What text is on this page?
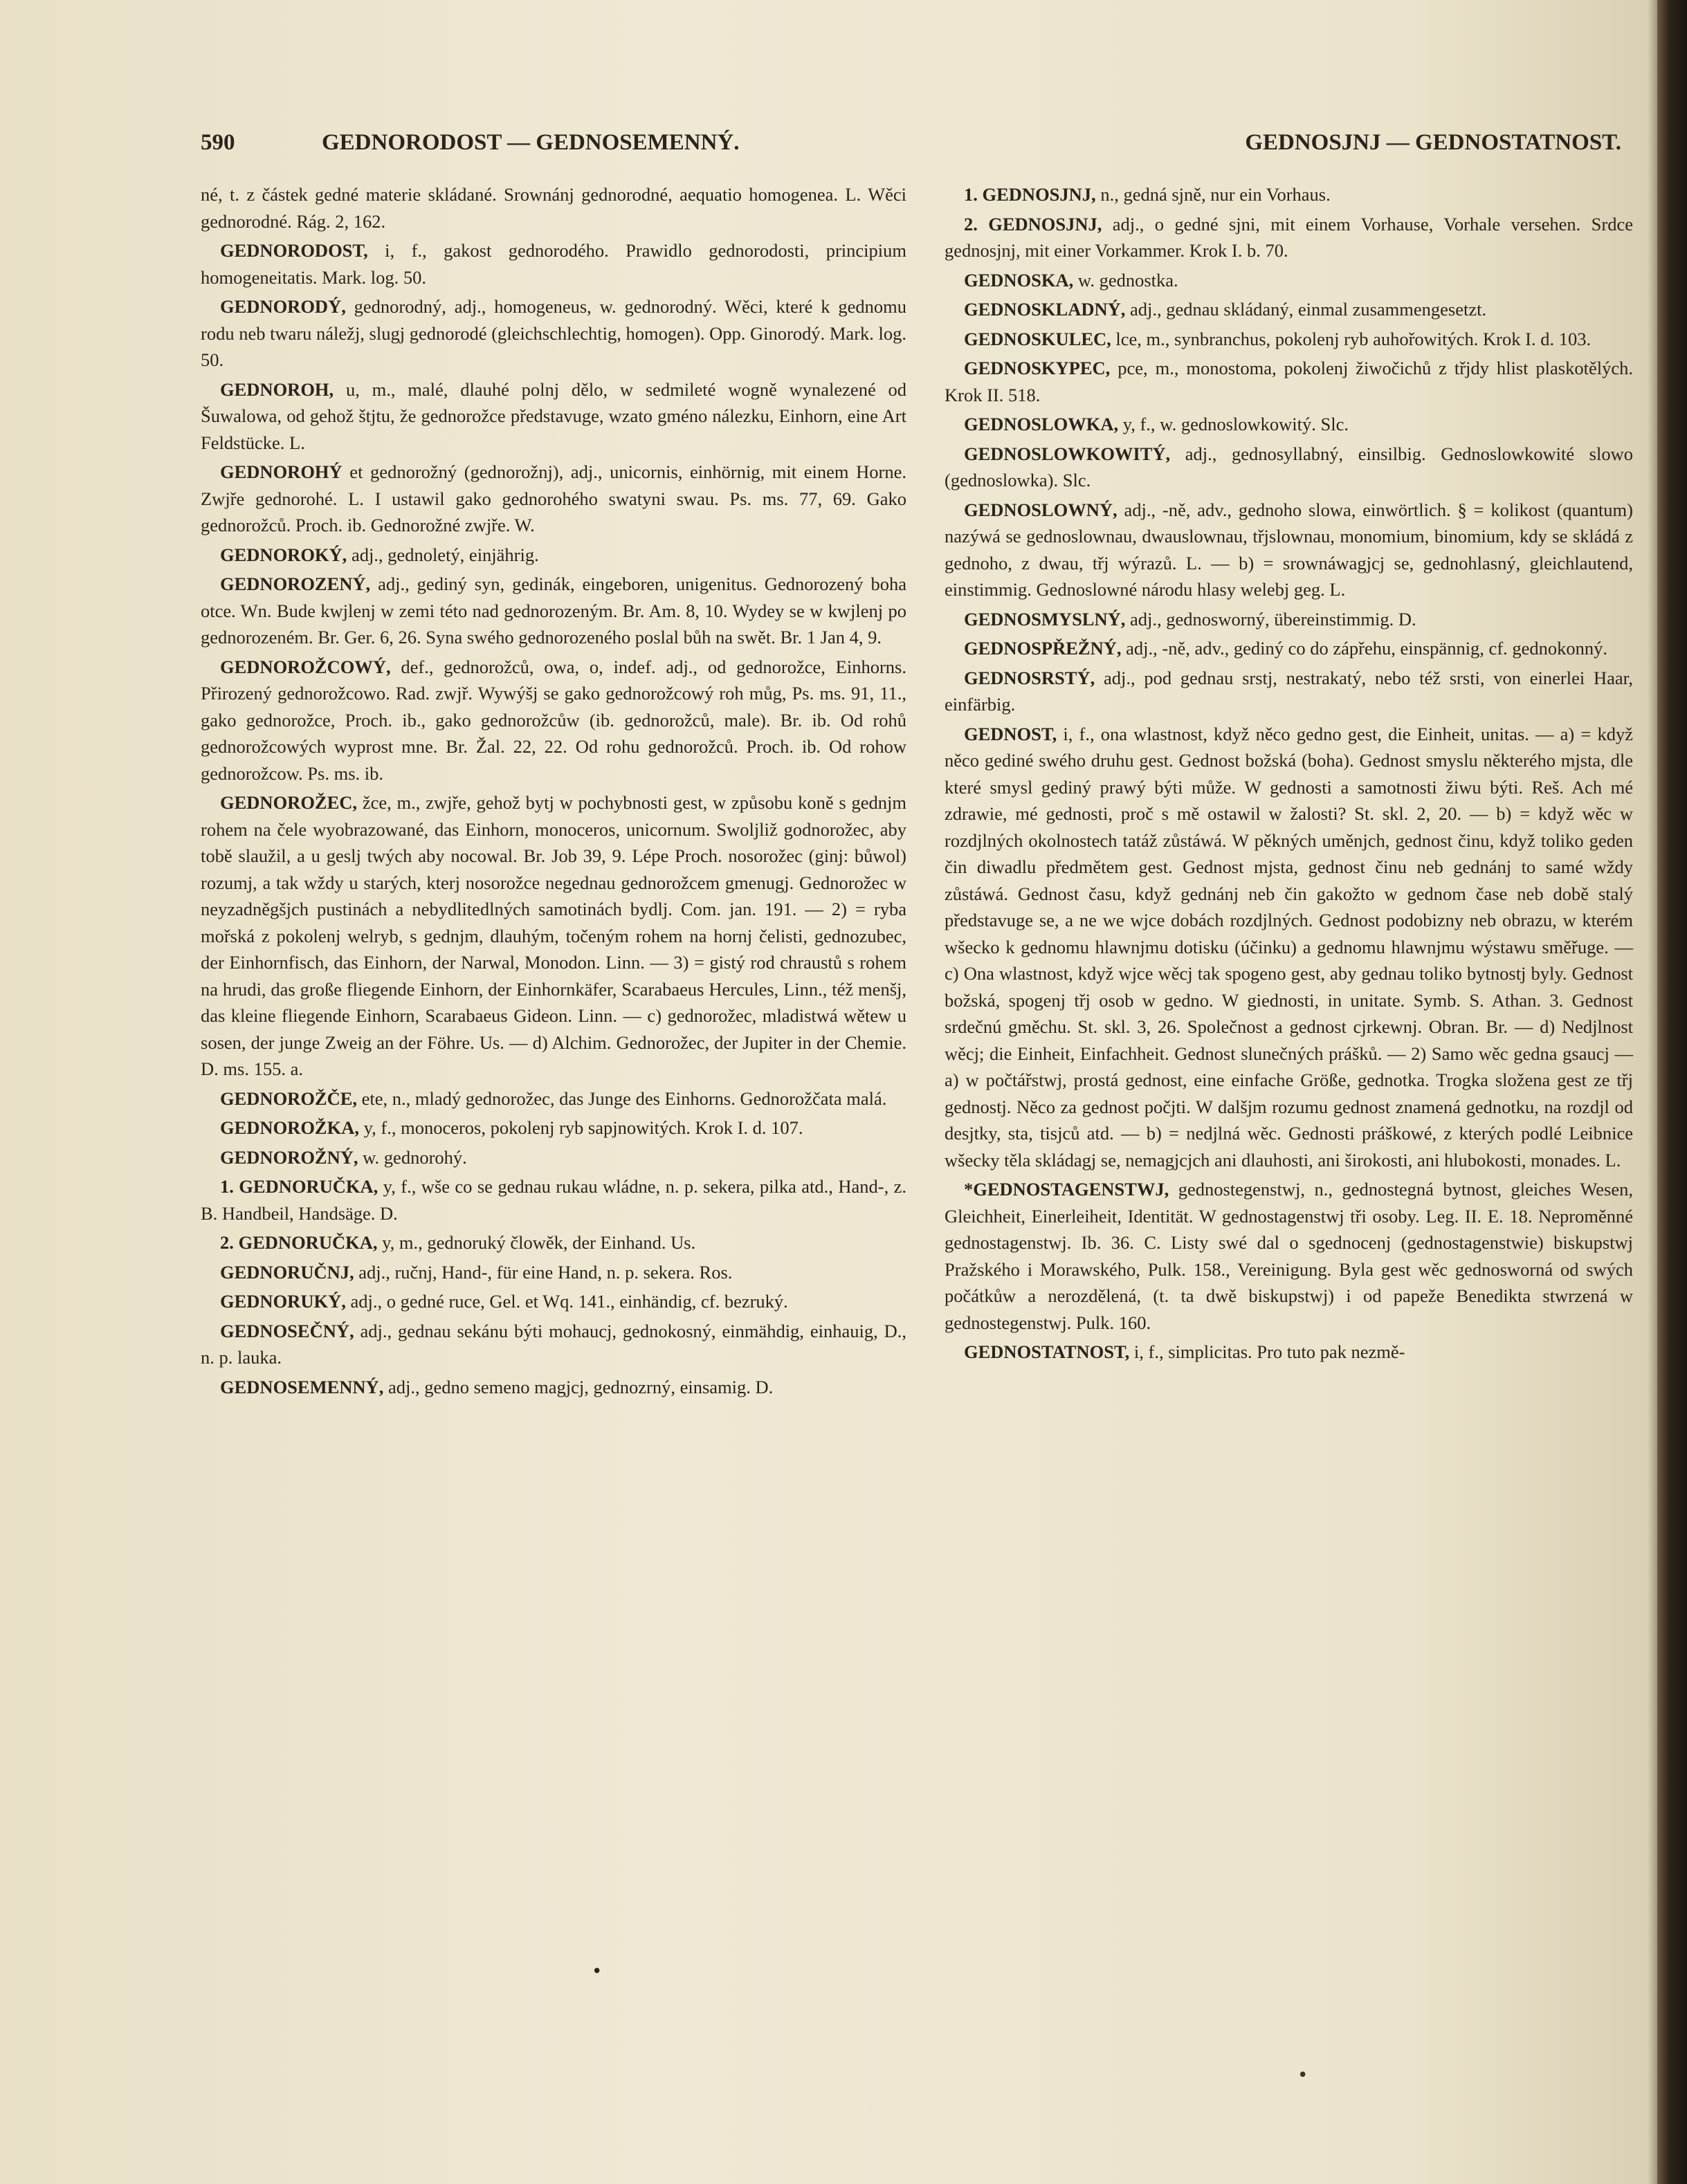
590	GEDNORODOST — GEDNOSEMENNÝ.	GEDNOSJNJ — GEDNOSTATNOST.

né, t. z částek gedné materie skládané. Srownánj gednorodné, aequatio homogenea. L. Wěci gednorodné. Rág. 2, 162.

GEDNORODOST, i, f., gakost gednorodého. Prawidlo gednorodosti, principium homogeneitatis. Mark. log. 50.

GEDNORODÝ, gednorodný, adj., homogeneus, w. gednorodný. Wěci, které k gednomu rodu neb twaru náležj, slugj gednorodé (gleichschlechtig, homogen). Opp. Ginorodý. Mark. log. 50.

GEDNOROH, u, m., malé, dlauhé polnj dělo, w sedmileté wogně wynalezené od Šuwalowa, od gehož štjtu, že gednorožce představuge, wzato gméno nálezku, Einhorn, eine Art Feldstücke. L.

GEDNOROHÝ et gednorožný (gednorožnj), adj., unicornis, einhörnig, mit einem Horne. Zwjře gednorohé. L. I ustawil gako gednorohého swatyni swau. Ps. ms. 77, 69. Gako gednorožců. Proch. ib. Gednorožné zwjře. W.

GEDNOROKÝ, adj., gednoletý, einjährig.

GEDNOROZENÝ, adj., gediný syn, gedinák, eingeboren, unigenitus. Gednorozený boha otce. Wn. Bude kwjlenj w zemi této nad gednorozeným. Br. Am. 8, 10. Wydey se w kwjlenj po gednorozeném. Br. Ger. 6, 26. Syna swého gednorozeného poslal bůh na swět. Br. 1 Jan 4, 9.

GEDNOROŽCOWÝ, def., gednorožců, owa, o, indef. adj., od gednorožce, Einhorns. Přirozený gednorožcowo. Rad. zwjř. Wywýšj se gako gednorožcowý roh můg, Ps. ms. 91, 11., gako gednorožce, Proch. ib., gako gednorožcůw (ib. gednorožců, male). Br. ib. Od rohů gednorožcowých wyprost mne. Br. Žal. 22, 22. Od rohu gednorožců. Proch. ib. Od rohow gednorožcow. Ps. ms. ib.

GEDNOROŽEC, žce, m., zwjře, gehož bytj w pochybnosti gest, w způsobu koně s gednjm rohem na čele wyobrazowané, das Einhorn, monoceros, unicornum. Swoljliž godnorožec, aby tobě slaužil, a u geslj twých aby nocowal. Br. Job 39, 9. Lépe Proch. nosorožec (ginj: bůwol) rozumj, a tak wždy u starých, kterj nosorožce negednau gednorožcem gmenugj. Gednorožec w neyzadněgšjch pustinách a nebydlitedlných samotinách bydlj. Com. jan. 191. — 2) = ryba mořská z pokolenj welryb, s gednjm, dlauhým, točeným rohem na hornj čelisti, gednozubec, der Einhornfisch, das Einhorn, der Narwal, Monodon. Linn. — 3) = gistý rod chraustů s rohem na hrudi, das große fliegende Einhorn, der Einhornkäfer, Scarabaeus Hercules, Linn., též menšj, das kleine fliegende Einhorn, Scarabaeus Gideon. Linn. — c) gednorožec, mladistwá wětew u sosen, der junge Zweig an der Föhre. Us. — d) Alchim. Gednorožec, der Jupiter in der Chemie. D. ms. 155. a.

GEDNOROŽČE, ete, n., mladý gednorožec, das Junge des Einhorns. Gednorožčata malá.

GEDNOROŽKA, y, f., monoceros, pokolenj ryb sapjnowitých. Krok I. d. 107.

GEDNOROŽNÝ, w. gednorohý.

1. GEDNORUČKA, y, f., wše co se gednau rukau wládne, n. p. sekera, pilka atd., Hand-, z. B. Handbeil, Handsäge. D.

2. GEDNORUČKA, y, m., gednoruký člowěk, der Einhand. Us.

GEDNORUČNJ, adj., ručnj, Hand-, für eine Hand, n. p. sekera. Ros.

GEDNORUKÝ, adj., o gedné ruce, Gel. et Wq. 141., einhändig, cf. bezruký.

GEDNOSEČNÝ, adj., gednau sekánu býti mohaucj, gednokosný, einmähdig, einhauig, D., n. p. lauka.

GEDNOSEMENNÝ, adj., gedno semeno magjcj, gednozrný, einsamig. D.

1. GEDNOSJNJ, n., gedná sjně, nur ein Vorhaus.

2. GEDNOSJNJ, adj., o gedné sjni, mit einem Vorhause, Vorhale versehen. Srdce gednosjnj, mit einer Vorkammer. Krok I. b. 70.

GEDNOSKA, w. gednostka.

GEDNOSKLADNÝ, adj., gednau skládaný, einmal zusammengesetzt.

GEDNOSKULEC, lce, m., synbranchus, pokolenj ryb auhořowitých. Krok I. d. 103.

GEDNOSKYPEC, pce, m., monostoma, pokolenj žiwočichů z třjdy hlist plaskotělých. Krok II. 518.

GEDNOSLOWKA, y, f., w. gednoslowkowitý. Slc.

GEDNOSLOWKOWITÝ, adj., gednosyllabný, einsilbig. Gednoslowkowité slowo (gednoslowka). Slc.

GEDNOSLOWNÝ, adj., -ně, adv., gednoho slowa, einwörtlich. § = kolikost (quantum) nazýwá se gednoslownau, dwauslownau, třjslownau, monomium, binomium, kdy se skládá z gednoho, z dwau, třj wýrazů. L. — b) = srownáwagjcj se, gednohlasný, gleichlautend, einstimmig. Gednoslowné národu hlasy welebj geg. L.

GEDNOSMYSLNÝ, adj., gednosworný, übereinstimmig. D.

GEDNOSPŘEŽNÝ, adj., -ně, adv., gediný co do zápřehu, einspännig, cf. gednokonný.

GEDNOSRSTÝ, adj., pod gednau srstj, nestrakatý, nebo též srsti, von einerlei Haar, einfärbig.

GEDNOST, i, f., ona wlastnost, když něco gedno gest, die Einheit, unitas. — a) = když něco gediné swého druhu gest. Gednost božská (boha). Gednost smyslu některého mjsta, dle které smysl gediný prawý býti může. W gednosti a samotnosti žiwu býti. Reš. Ach mé zdrawie, mé gednosti, proč s mě ostawil w žalosti? St. skl. 2, 20. — b) = když wěc w rozdjlných okolnostech tatáž zůstáwá. W pěkných uměnjch, gednost činu, když toliko geden čin diwadlu předmětem gest. Gednost mjsta, gednost činu neb gednánj to samé wždy zůstáwá. Gednost času, když gednánj neb čin gakožto w gednom čase neb době stalý představuge se, a ne we wjce dobách rozdjlných. Gednost podobizny neb obrazu, w kterém wšecko k gednomu hlawnjmu dotisku (účinku) a gednomu hlawnjmu wýstawu směřuge. — c) Ona wlastnost, když wjce wěcj tak spogeno gest, aby gednau toliko bytnostj byly. Gednost božská, spogenj třj osob w gedno. W giednosti, in unitate. Symb. S. Athan. 3. Gednost srdečnú gměchu. St. skl. 3, 26. Společnost a gednost cjrkewnj. Obran. Br. — d) Nedjlnost wěcj; die Einheit, Einfachheit. Gednost slunečných prášků. — 2) Samo wěc gedna gsaucj — a) w počtářstwj, prostá gednost, eine einfache Größe, gednotka. Trogka složena gest ze třj gednostj. Něco za gednost počjti. W dalšjm rozumu gednost znamená gednotku, na rozdjl od desjtky, sta, tisjců atd. — b) = nedjlná wěc. Gednosti práškowé, z kterých podlé Leibnice wšecky těla skládagj se, nemagjcjch ani dlauhosti, ani širokosti, ani hlubokosti, monades. L.

*GEDNOSTAGENSTWJ, gednostegenstwj, n., gednostegná bytnost, gleiches Wesen, Gleichheit, Einerleiheit, Identität. W gednostagenstwj tři osoby. Leg. II. E. 18. Neproměnné gednostagenstwj. Ib. 36. C. Listy swé dal o sgednocenj (gednostagenstwie) biskupstwj Pražského i Morawského, Pulk. 158., Vereinigung. Byla gest wěc gednosworná od swých počátkůw a nerozdělená, (t. ta dwě biskupstwj) i od papeže Benedikta stwrzená w gednostegenstwj. Pulk. 160.

GEDNOSTATNOST, i, f., simplicitas. Pro tuto pak nezmě-

•
•
